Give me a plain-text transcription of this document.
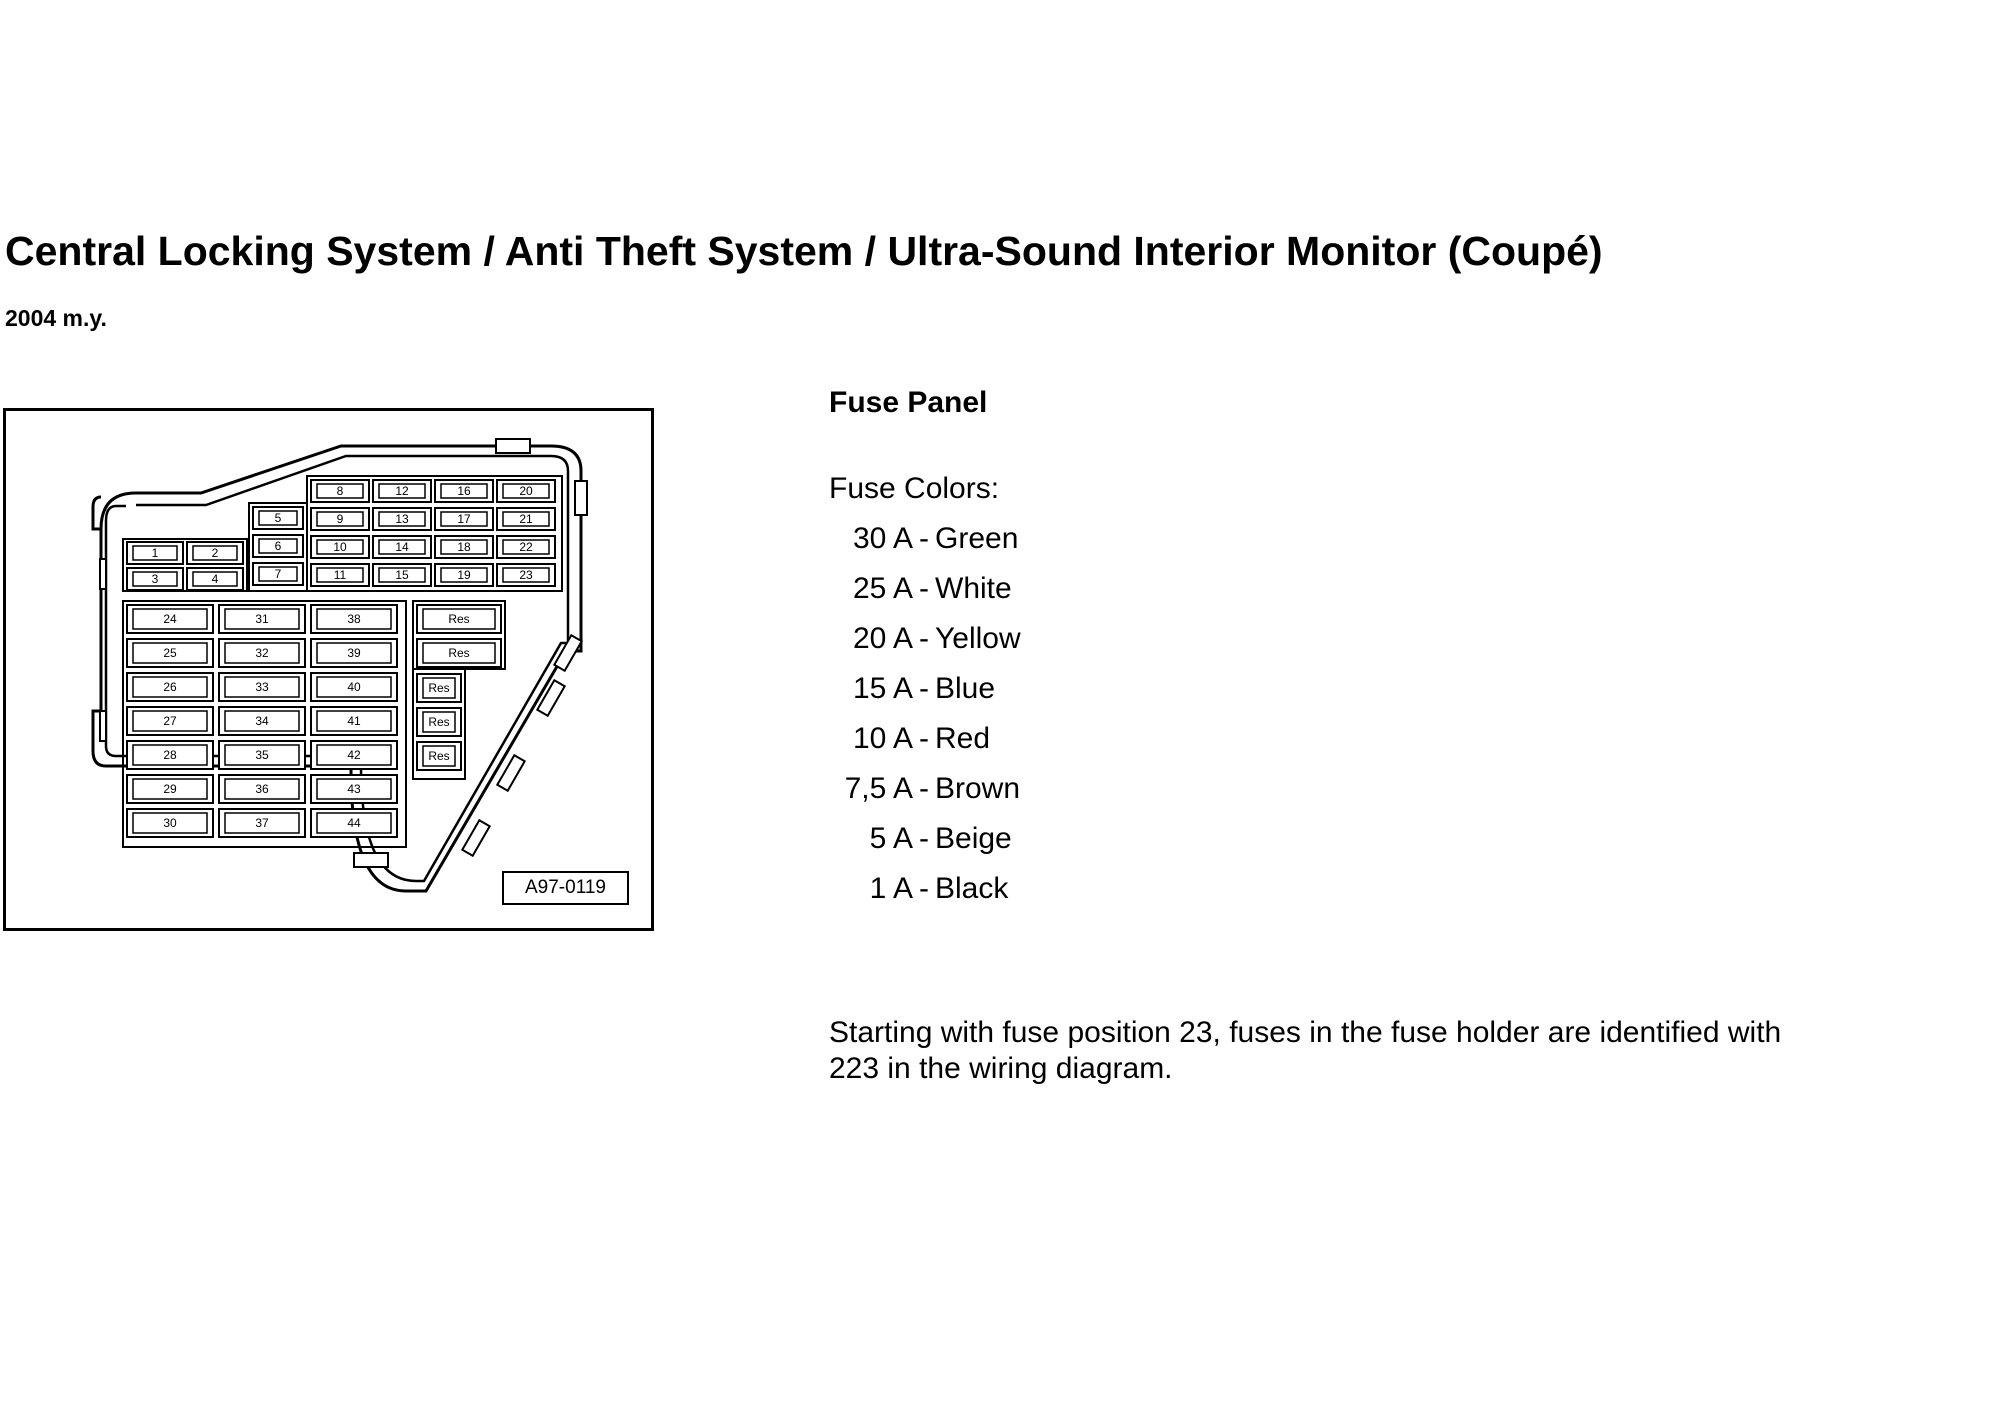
Central Locking System / Anti Theft System / Ultra-Sound Interior Monitor (Coupé)
2004 m.y.
1
3
2
4
5
6
7
8
9
10
11
12
13
14
15
16
17
18
19
20
21
22
23
24
25
26
27
28
29
30
31
32
33
34
35
36
37
38
39
40
41
42
43
44
Res
Res
Res
Res
Res
A97-0119
Fuse Panel
Fuse Colors:
30 A - Green
25 A - White
20 A - Yellow
15 A - Blue
10 A - Red
7,5 A - Brown
5 A - Beige
1 A - Black
Starting with fuse position 23, fuses in the fuse holder are identified with 223 in the wiring diagram.
